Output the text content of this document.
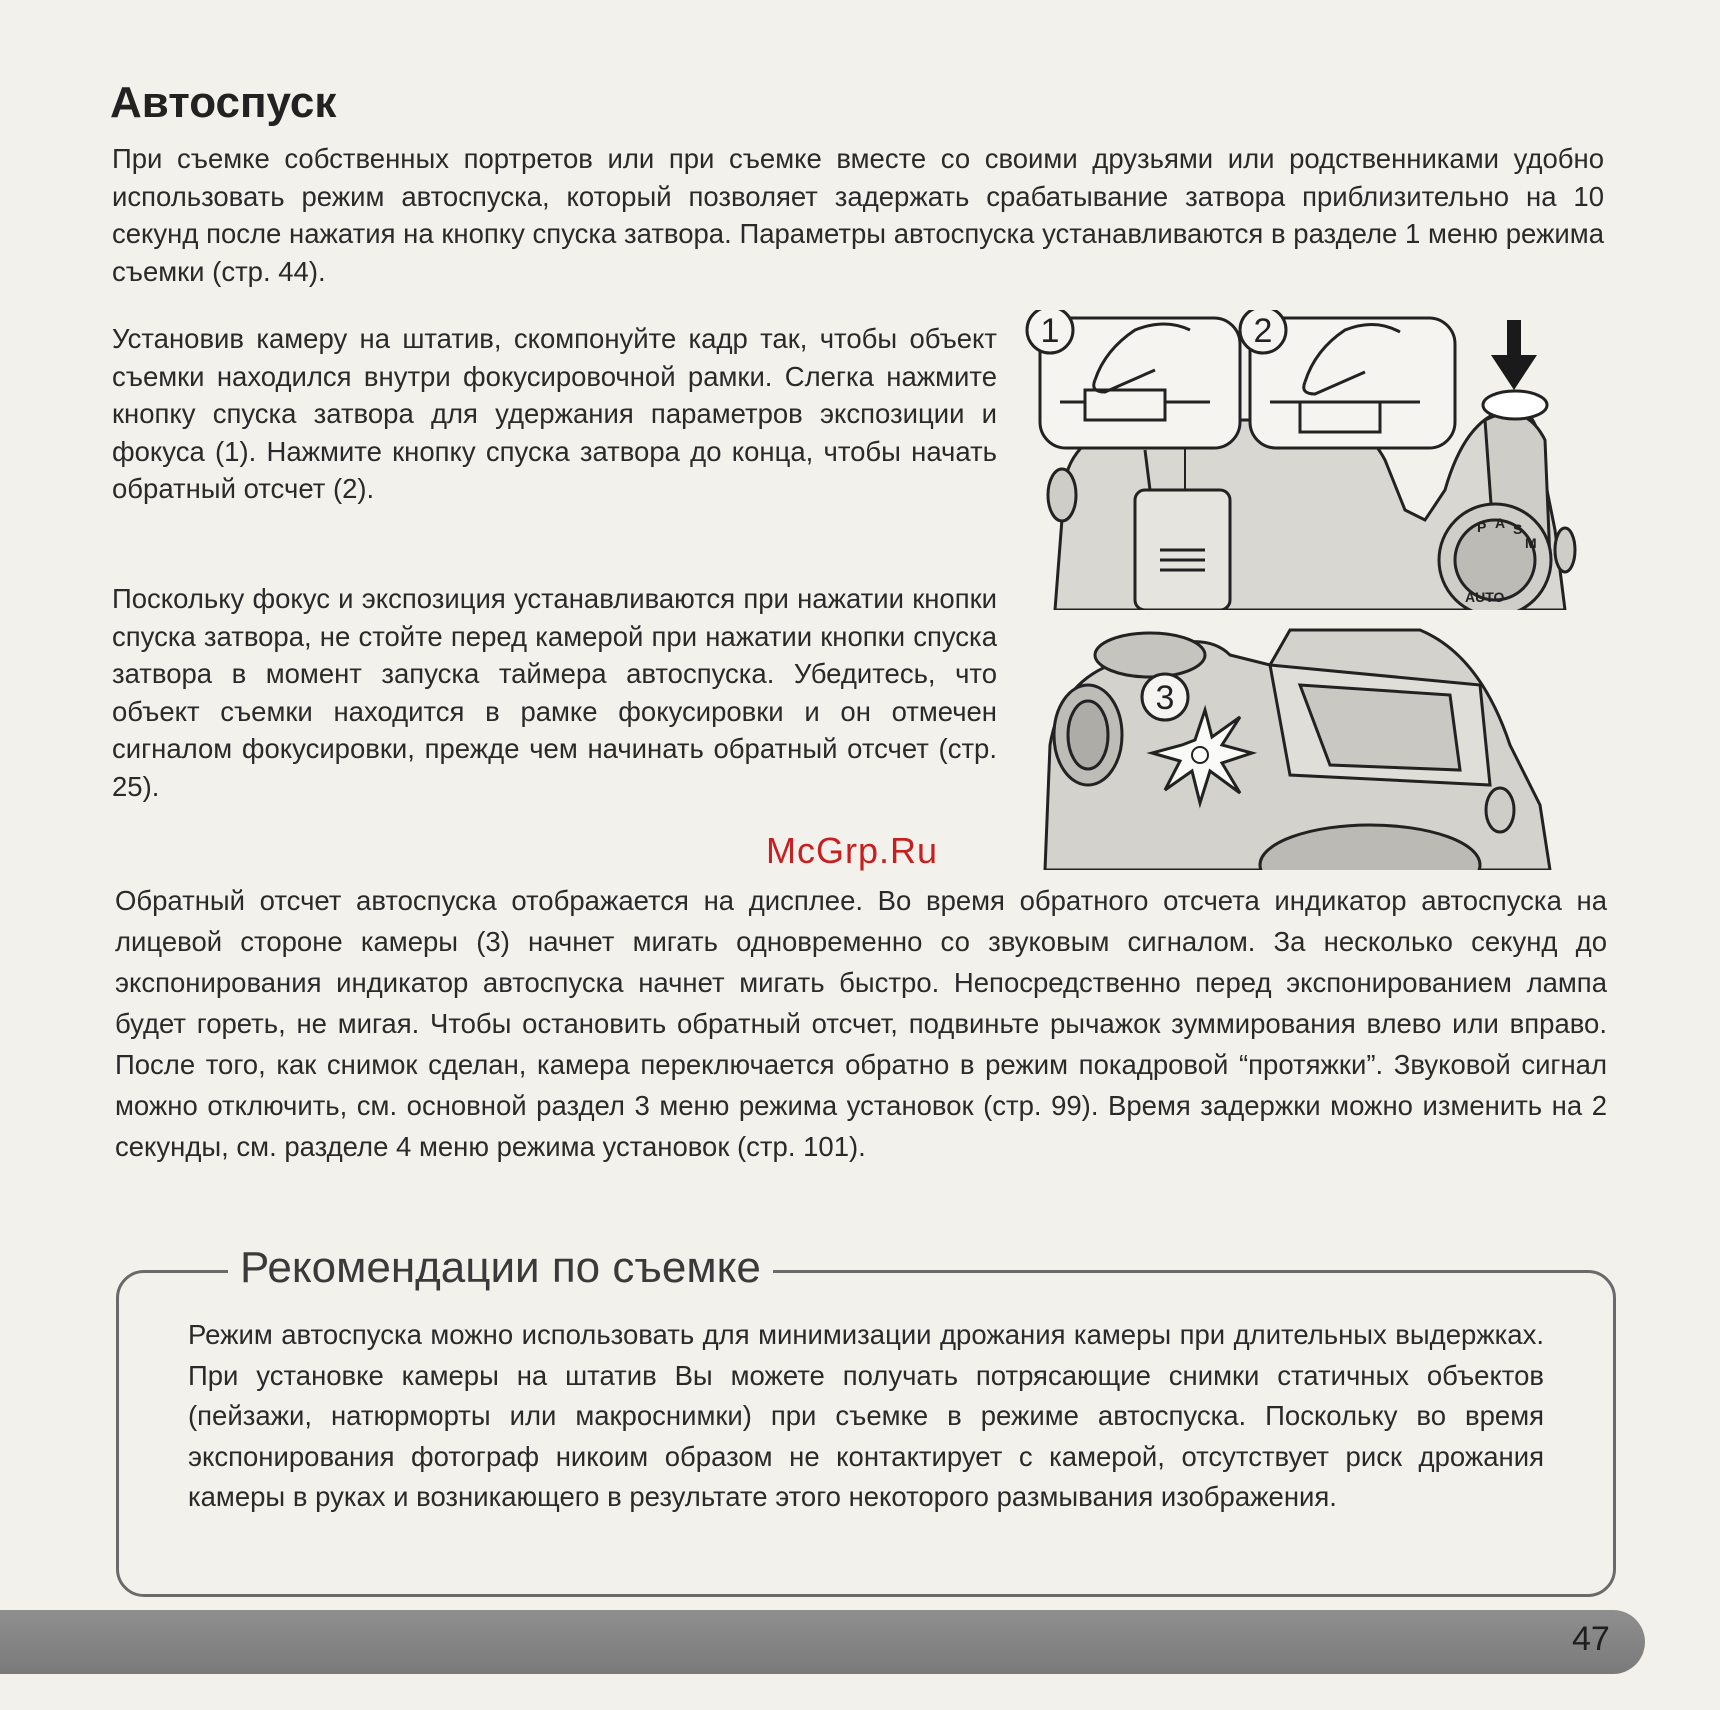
Автоспуск

При съемке собственных портретов или при съемке вместе со своими друзьями или родственниками удобно использовать режим автоспуска, который позволяет задержать срабатывание затвора приблизительно на 10 секунд после нажатия на кнопку спуска затвора. Параметры автоспуска устанавливаются в разделе 1 меню режима съемки (стр. 44).

Установив камеру на штатив, скомпонуйте кадр так, чтобы объект съемки находился внутри фокусировочной рамки. Слегка нажмите кнопку спуска затвора для удержания параметров экспозиции и фокуса (1). Нажмите кнопку спуска затвора до конца, чтобы начать обратный отсчет (2).

Поскольку фокус и экспозиция устанавливаются при нажатии кнопки спуска затвора, не стойте перед камерой при нажатии кнопки спуска затвора в момент запуска таймера автоспуска. Убедитесь, что объект съемки находится в рамке фокусировки и он отмечен сигналом фокусировки, прежде чем начинать обратный отсчет (стр. 25).

AUTO
P A S
M
1	2
3

McGrp.Ru

Обратный отсчет автоспуска отображается на дисплее. Во время обратного отсчета индикатор автоспуска на лицевой стороне камеры (3) начнет мигать одновременно со звуковым сигналом. За несколько секунд до экспонирования индикатор автоспуска начнет мигать быстро. Непосредственно перед экспонированием лампа будет гореть, не мигая. Чтобы остановить обратный отсчет, подвиньте рычажок зуммирования влево или вправо. После того, как снимок сделан, камера переключается обратно в режим покадровой “протяжки”. Звуковой сигнал можно отключить, см. основной раздел 3 меню режима установок (стр. 99). Время задержки можно изменить на 2 секунды, см. разделе 4 меню режима установок (стр. 101).

Рекомендации по съемке

Режим автоспуска можно использовать для минимизации дрожания камеры при длительных выдержках. При установке камеры на штатив Вы можете получать потрясающие снимки статичных объектов (пейзажи, натюрморты или макроснимки) при съемке в режиме автоспуска. Поскольку во время экспонирования фотограф никоим образом не контактирует с камерой, отсутствует риск дрожания камеры в руках и возникающего в результате этого некоторого размывания изображения.

47
